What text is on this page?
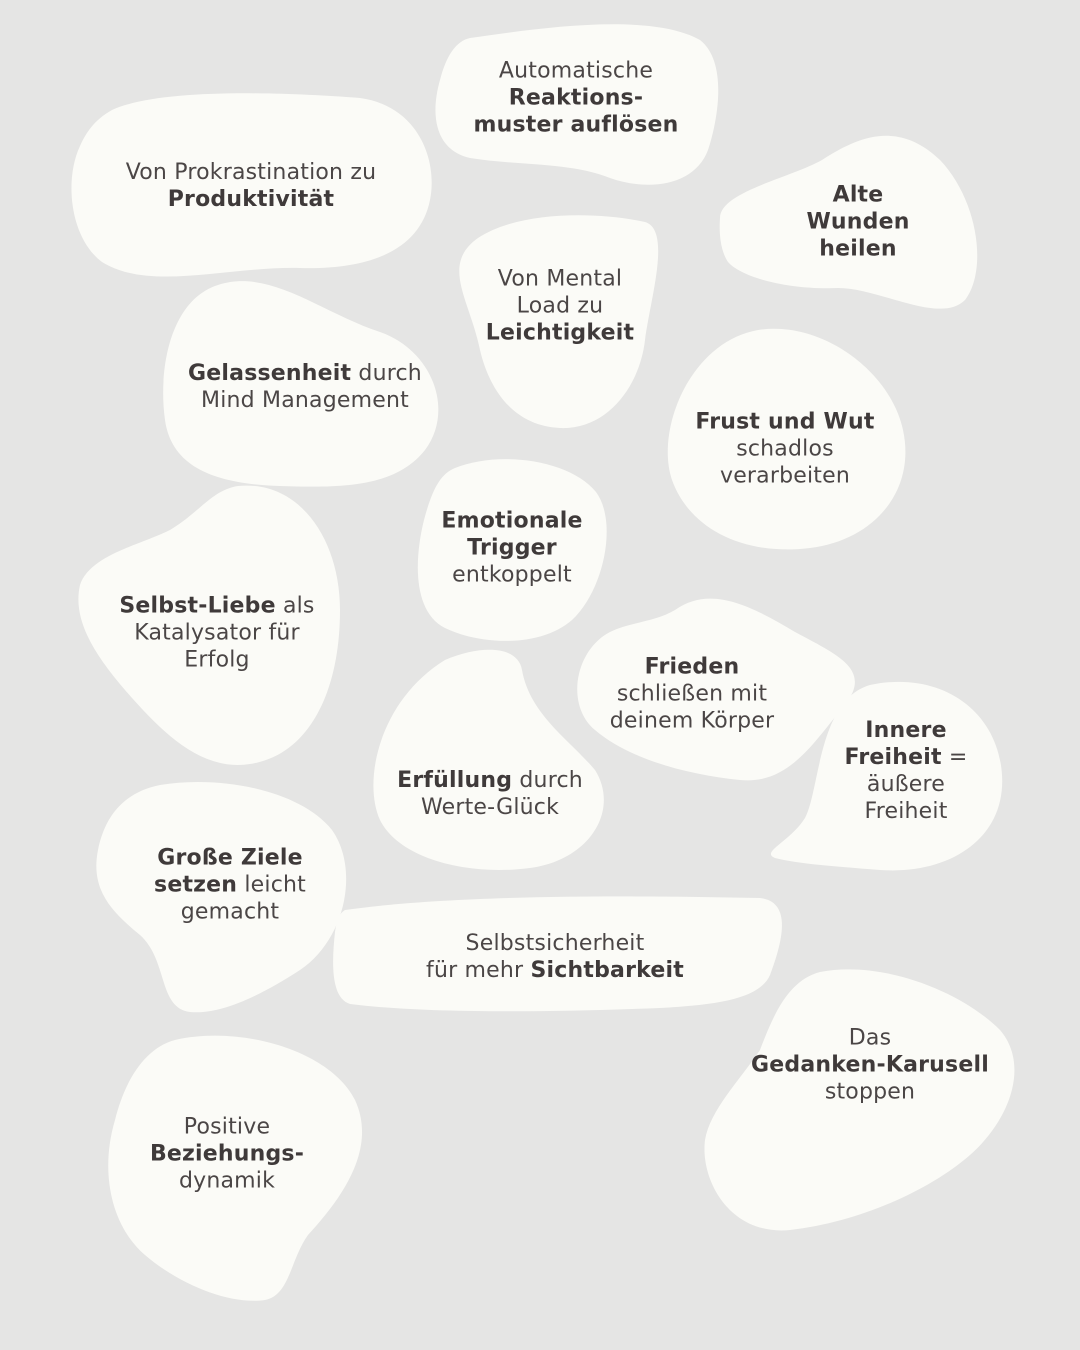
Automatische
Reaktions-
muster auflösen
Von Prokrastination zu
Produktivität	Alte
Wunden
heilen
Von Mental
Load zu
Leichtigkeit
Gelassenheit durch
Mind Management
Frust und Wut
schadlos
verarbeiten
Emotionale
Trigger
entkoppelt
Selbst-Liebe als
Katalysator für
Erfolg	Frieden
schließen mit
deinem Körper
Erfüllung durch
Werte-Glück
Innere
Freiheit =
äußere
Freiheit
Große Ziele
setzen leicht
gemacht
Selbstsicherheit
für mehr Sichtbarkeit
Das
Gedanken-Karusell
stoppen
Positive
Beziehungs-
dynamik
